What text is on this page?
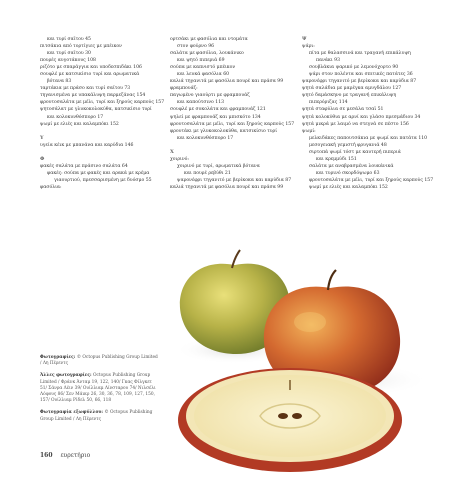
και τυρί σαϊτου 45
πιτσάκια από τορτίγιες με μπέικον
και τυρί σαϊτου 30
πουρές αυγοτάκους 108
ριζότο με σπαράγγια και υποδεσπιδάκι 106
σουφλέ με κατσικίσιο τυρί και αρωματικά
βότανα 83
ταρτάκια με πράσο και τυρί σαϊτου 73
τηγανισμένα με υπακάλυψη παρμεζάνας 154
φρουτοσαλάτα με μέλι, τυρί και ξηρούς καρπούς 157
ψητοσάλατ με γλυκοκολοκύθα, κατσικίσιο τυρί
και κολοκυνθόσπορο 17
ψωμί με ελιές και καλαμπόκι 152

Υ
υγεία κέικ με μπανάνα και καρύδια 146

Φ
φακές σαλάτα με πράσινο σαλάτα 64
φακές: σούπα με φακές και αρακά με κρέμα
γιαουρτιού, πρεσσαρισμένη με δυόσμο 55
φασόλια:
ορτσάκι με φασόλια και ντομάτα
στον φούρνο 96
σαλάτα με φασόλια, λουκάνικο
και ψητό πιπεριά 69
σούπα με καπνιστό μπέικον
και λευκά φασόλια 60
καλιά τηγανιτά με φασόλια πουρέ και πράσα 99
φραμπουάζ:
παγωμένο γιαούρτι με φραμπουάζ
και καπούτσινο 113
σουφλέ με σοκολάτα και φραμπουάζ 121
ψηλεί με φραμπουάζ και μπισκότο 134
φρουτοσαλάτα με μέλι, τυρί και ξηρούς καρπούς 157
φρουτάκι με γλυκοκολοκύθα, κατσικίσιο τυρί
και κολοκυνθόσπορο 17

Χ
χοιρινό:
χοιρινό με τυρί, αρωματικά βότανα
και πουρέ ρεβύθι 21
ψαρονέφρι τηγανιτό με βερίκοκα και καρύδια 87
καλιά τηγανιτά με φασόλια πουρέ και πράσα 99
Ψ
ψάρι:
πίτα με θαλασσινά και τραγανή επικάλυψη
πανάκι 93
σουβλάκια ψαρικό με λεμονόχορτο 90
ψάρι στον πολέντα και σπιτικές πατάτες 36
ψαρονέφρι τηγανιτό με βερίκοκα και καρύδια 87
ψητά σαλάδια με μαρέγκα αμυγδάλου 127
ψητό δαμάσκηνο με τραγανή επικάλυψη
πιπερόριζας 114
ψητά σταφύλια σε μεσάλα τσαϊ 51
ψητά κολοκύθια με αρνί και γλάσο πρεσμάδιου 34
ψητά μικρά με λαιμό να στεγνά σε πέστο 156
ψωμί:
μελκιδάκες παπουτσάκια με ψωμί και πατάτα 110
μεσογειακή γεμιστή φρυγανιά 48
σιρτοπά ψωμί τόστ με καυτερή πιπεριά
και κρεμμύδι 151
σαλάτα με αναβρασμένα λουκάνικά
και τυρινό σκορδόψωμο 63
φρουτοσαλάτα με μέλι, τυρί και ξηρούς καρπούς 157
ψωμί με ελιές και καλαμπόκι 152

Φωτογραφίες: © Octopus Publishing Group Limited / Λη Πέρεντς

Άλλες φωτογραφίες: Octopus Publishing Group Limited / Φράνκ Άνταμ 19, 122, 140/ Γκας Φίλγκετ 51/ Σάνρα Λέιν 39/ Ουίλλιαμ Λίνσταρου 74/ Νιλσέλι Λόφους 86/ Σεν Μάικρ 26, 30, 36, 78, 109, 127, 150, 157/ Ουίλλιαμ Ρίδελ 50, 66, 118

Φωτογραφία εξωφύλλου: © Octopus Publishing Group Limited / Λη Πέρεντς

160 ευρετήριο
